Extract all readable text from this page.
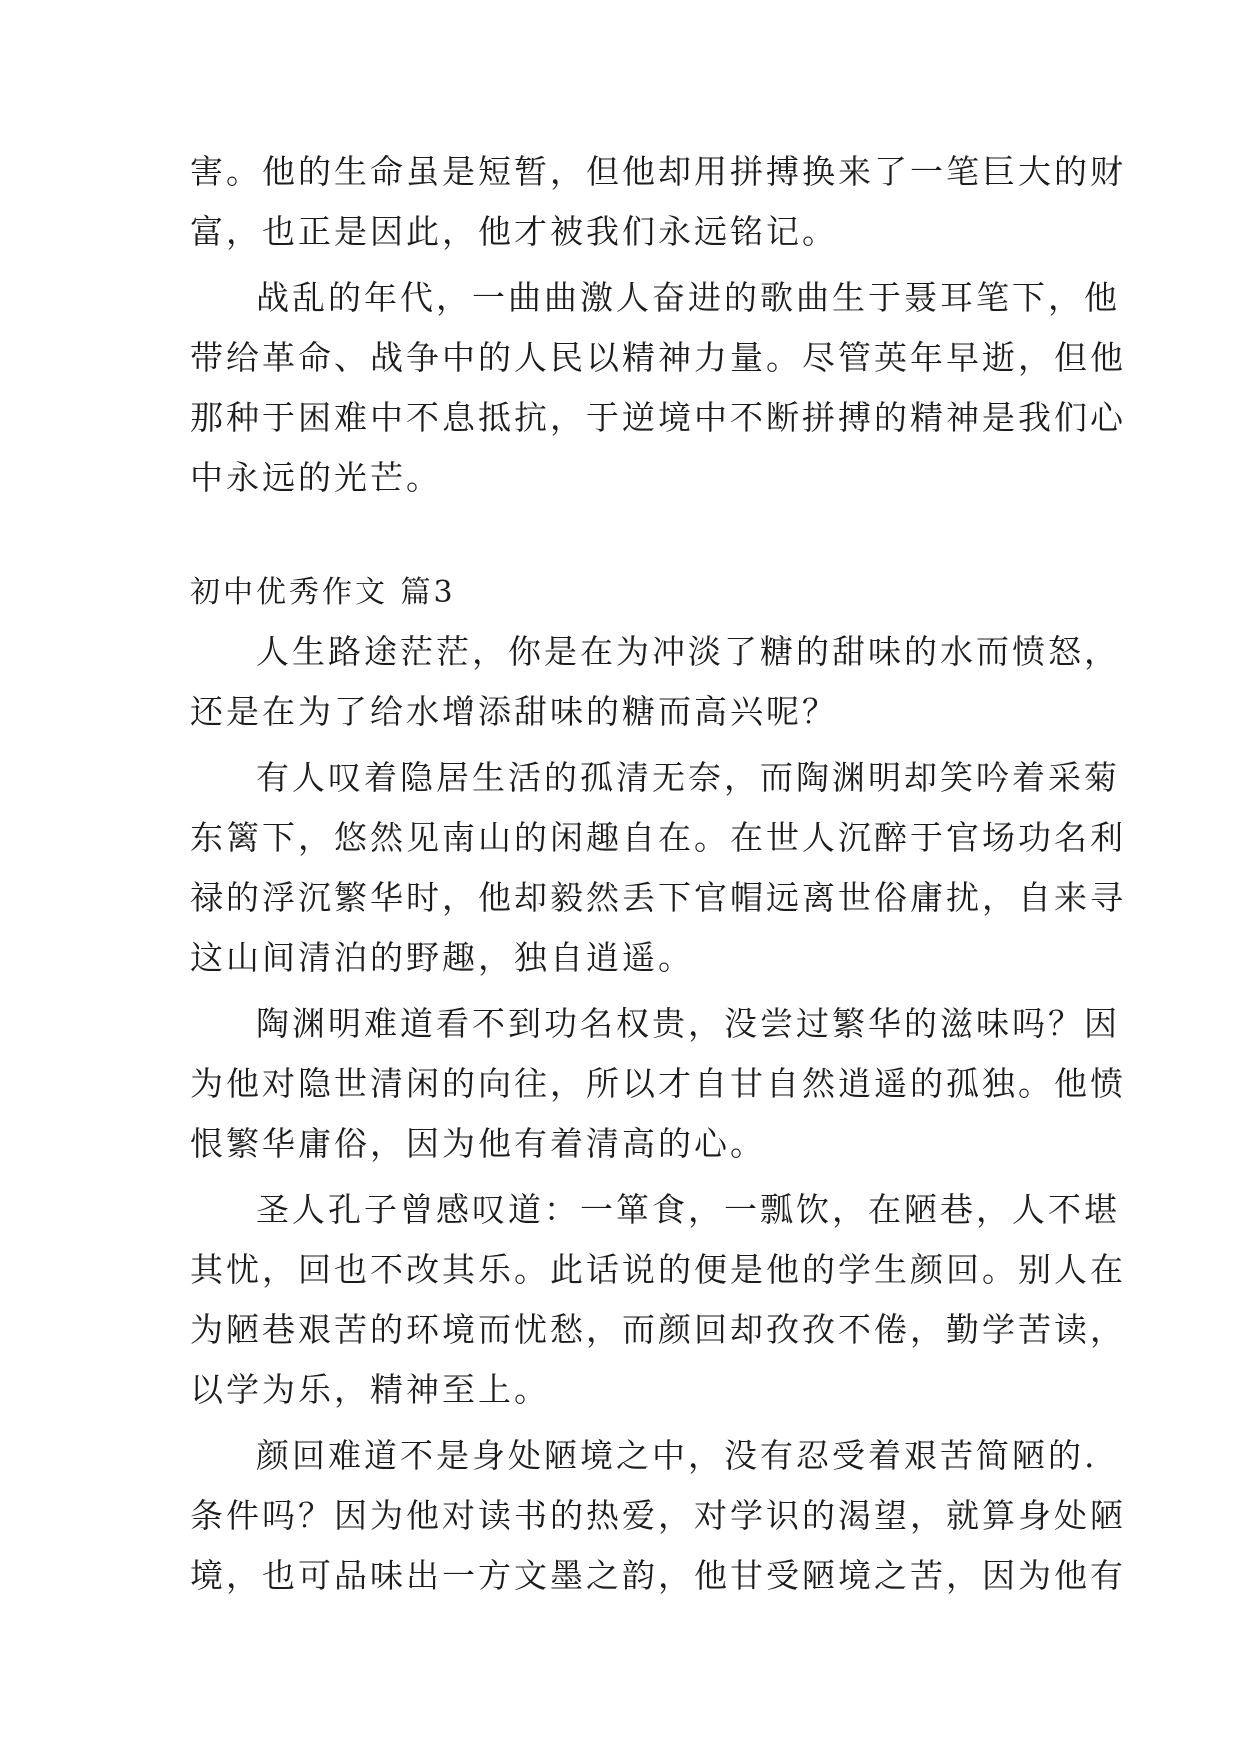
害。他的生命虽是短暂，但他却用拼搏换来了一笔巨大的财
富，也正是因此，他才被我们永远铭记。
战乱的年代，一曲曲激人奋进的歌曲生于聂耳笔下，他
带给革命、战争中的人民以精神力量。尽管英年早逝，但他
那种于困难中不息抵抗，于逆境中不断拼搏的精神是我们心
中永远的光芒。
初中优秀作文 篇3
人生路途茫茫，你是在为冲淡了糖的甜味的水而愤怒，
还是在为了给水增添甜味的糖而高兴呢？
有人叹着隐居生活的孤清无奈，而陶渊明却笑吟着采菊
东篱下，悠然见南山的闲趣自在。在世人沉醉于官场功名利
禄的浮沉繁华时，他却毅然丢下官帽远离世俗庸扰，自来寻
这山间清泊的野趣，独自逍遥。
陶渊明难道看不到功名权贵，没尝过繁华的滋味吗？因
为他对隐世清闲的向往，所以才自甘自然逍遥的孤独。他愤
恨繁华庸俗，因为他有着清高的心。
圣人孔子曾感叹道：一箪食，一瓢饮，在陋巷，人不堪
其忧，回也不改其乐。此话说的便是他的学生颜回。别人在
为陋巷艰苦的环境而忧愁，而颜回却孜孜不倦，勤学苦读，
以学为乐，精神至上。
颜回难道不是身处陋境之中，没有忍受着艰苦简陋的.
条件吗？因为他对读书的热爱，对学识的渴望，就算身处陋
境，也可品味出一方文墨之韵，他甘受陋境之苦，因为他有
